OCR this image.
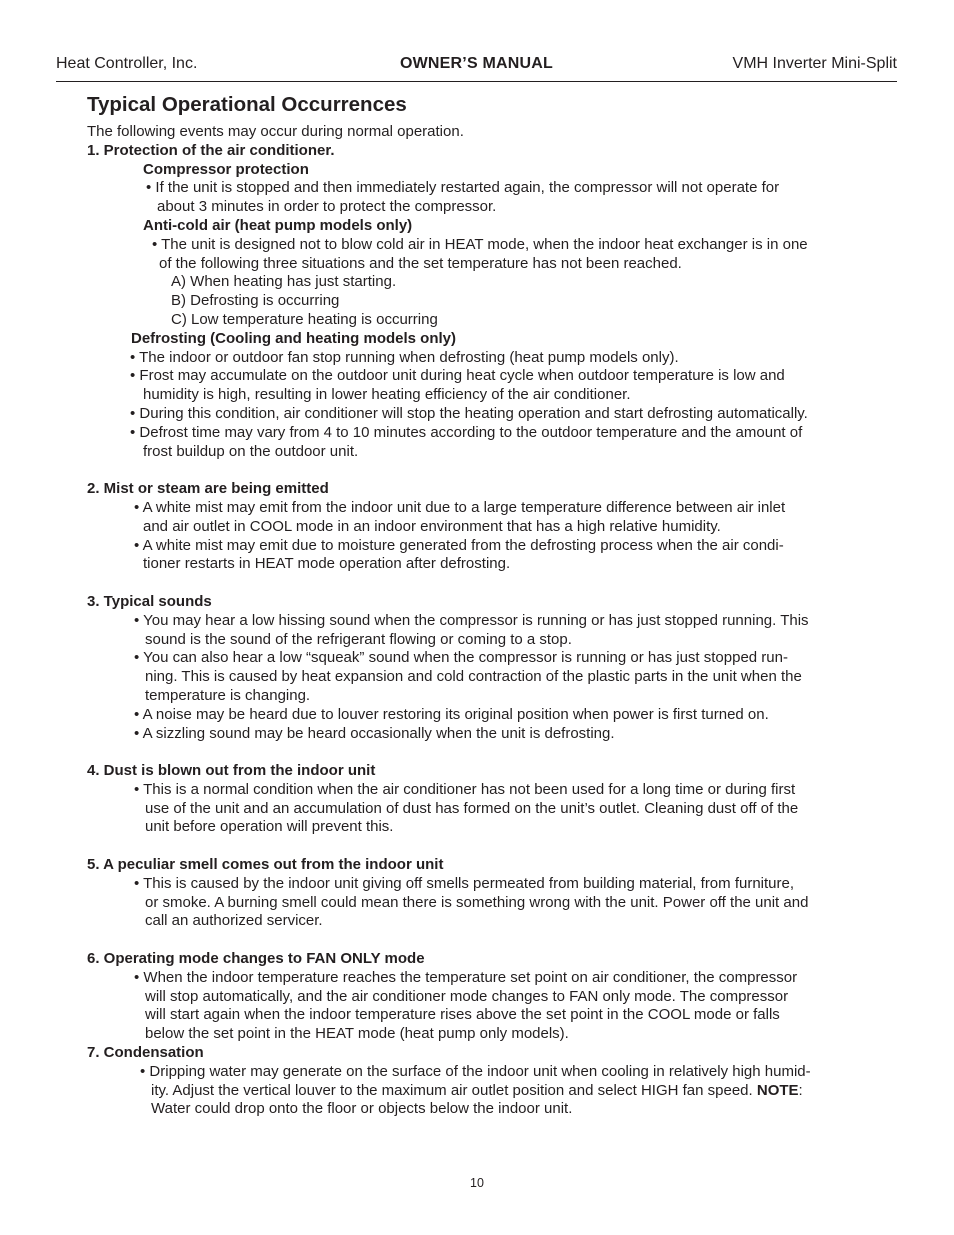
Heat Controller, Inc.	OWNER’S MANUAL	VMH Inverter Mini-Split
Typical Operational Occurrences
The following events may occur during normal operation.
1. Protection of the air conditioner.
Compressor protection
• If the unit is stopped and then immediately restarted again, the compressor will not operate for
about 3 minutes in order to protect the compressor.
Anti-cold air (heat pump models only)
• The unit is designed not to blow cold air in HEAT mode, when the indoor heat exchanger is in one
of the following three situations and the set temperature has not been reached.
A) When heating has just starting.
B) Defrosting is occurring
C) Low temperature heating is occurring
Defrosting (Cooling and heating models only)
• The indoor or outdoor fan stop running when defrosting (heat pump models only).
• Frost may accumulate on the outdoor unit during heat cycle when outdoor temperature is low and
humidity is high, resulting in lower heating efficiency of the air conditioner.
• During this condition, air conditioner will stop the heating operation and start defrosting automatically.
• Defrost time may vary from 4 to 10 minutes according to the outdoor temperature and the amount of
frost buildup on the outdoor unit.
2. Mist or steam are being emitted
• A white mist may emit from the indoor unit due to a large temperature difference between air inlet
and air outlet in COOL mode in an indoor environment that has a high relative humidity.
• A white mist may emit due to moisture generated from the defrosting process when the air condi-
tioner restarts in HEAT mode operation after defrosting.
3. Typical sounds
• You may hear a low hissing sound when the compressor is running or has just stopped running. This
sound is the sound of the refrigerant flowing or coming to a stop.
• You can also hear a low “squeak” sound when the compressor is running or has just stopped run-
ning. This is caused by heat expansion and cold contraction of the plastic parts in the unit when the
temperature is changing.
• A noise may be heard due to louver restoring its original position when power is first turned on.
• A sizzling sound may be heard occasionally when the unit is defrosting.
4. Dust is blown out from the indoor unit
• This is a normal condition when the air conditioner has not been used for a long time or during first
use of the unit and an accumulation of dust has formed on the unit’s outlet. Cleaning dust off of the
unit before operation will prevent this.
5. A peculiar smell comes out from the indoor unit
• This is caused by the indoor unit giving off smells permeated from building material, from furniture,
or smoke. A burning smell could mean there is something wrong with the unit. Power off the unit and
call an authorized servicer.
6. Operating mode changes to FAN ONLY mode
• When the indoor temperature reaches the temperature set point on air conditioner, the compressor
will stop automatically, and the air conditioner mode changes to FAN only mode. The compressor
will start again when the indoor temperature rises above the set point in the COOL mode or falls
below the set point in the HEAT mode (heat pump only models).
7. Condensation
• Dripping water may generate on the surface of the indoor unit when cooling in relatively high humid-
ity. Adjust the vertical louver to the maximum air outlet position and select HIGH fan speed. NOTE:
Water could drop onto the floor or objects below the indoor unit.
10
